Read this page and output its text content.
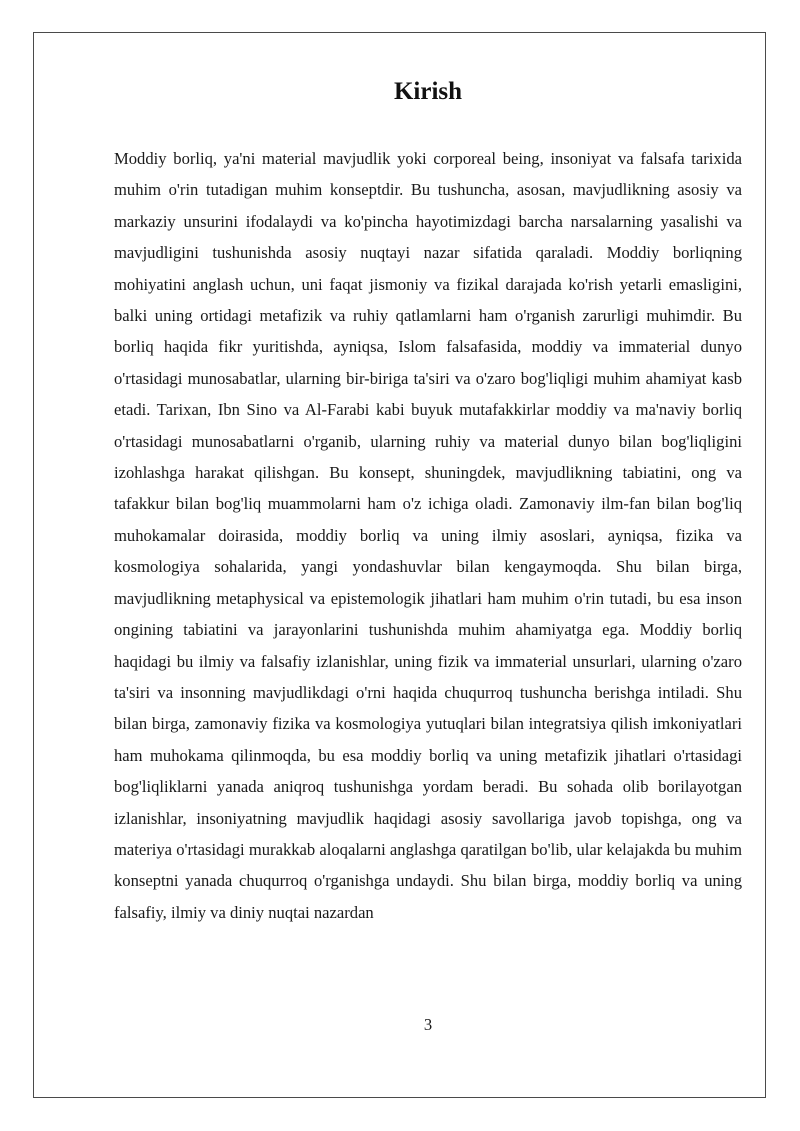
Kirish

Moddiy borliq, ya'ni material mavjudlik yoki corporeal being, insoniyat va falsafa tarixida muhim o'rin tutadigan muhim konseptdir. Bu tushuncha, asosan, mavjudlikning asosiy va markaziy unsurini ifodalaydi va ko'pincha hayotimizdagi barcha narsalarning yasalishi va mavjudligini tushunishda asosiy nuqtayi nazar sifatida qaraladi. Moddiy borliqning mohiyatini anglash uchun, uni faqat jismoniy va fizikal darajada ko'rish yetarli emasligini, balki uning ortidagi metafizik va ruhiy qatlamlarni ham o'rganish zarurligi muhimdir. Bu borliq haqida fikr yuritishda, ayniqsa, Islom falsafasida, moddiy va immaterial dunyo o'rtasidagi munosabatlar, ularning bir-biriga ta'siri va o'zaro bog'liqligi muhim ahamiyat kasb etadi. Tarixan, Ibn Sino va Al-Farabi kabi buyuk mutafakkirlar moddiy va ma'naviy borliq o'rtasidagi munosabatlarni o'rganib, ularning ruhiy va material dunyo bilan bog'liqligini izohlashga harakat qilishgan. Bu konsept, shuningdek, mavjudlikning tabiatini, ong va tafakkur bilan bog'liq muammolarni ham o'z ichiga oladi. Zamonaviy ilm-fan bilan bog'liq muhokamalar doirasida, moddiy borliq va uning ilmiy asoslari, ayniqsa, fizika va kosmologiya sohalarida, yangi yondashuvlar bilan kengaymoqda. Shu bilan birga, mavjudlikning metaphysical va epistemologik jihatlari ham muhim o'rin tutadi, bu esa inson ongining tabiatini va jarayonlarini tushunishda muhim ahamiyatga ega. Moddiy borliq haqidagi bu ilmiy va falsafiy izlanishlar, uning fizik va immaterial unsurlari, ularning o'zaro ta'siri va insonning mavjudlikdagi o'rni haqida chuqurroq tushuncha berishga intiladi. Shu bilan birga, zamonaviy fizika va kosmologiya yutuqlari bilan integratsiya qilish imkoniyatlari ham muhokama qilinmoqda, bu esa moddiy borliq va uning metafizik jihatlari o'rtasidagi bog'liqliklarni yanada aniqroq tushunishga yordam beradi. Bu sohada olib borilayotgan izlanishlar, insoniyatning mavjudlik haqidagi asosiy savollariga javob topishga, ong va materiya o'rtasidagi murakkab aloqalarni anglashga qaratilgan bo'lib, ular kelajakda bu muhim konseptni yanada chuqurroq o'rganishga undaydi. Shu bilan birga, moddiy borliq va uning falsafiy, ilmiy va diniy nuqtai nazardan

3
